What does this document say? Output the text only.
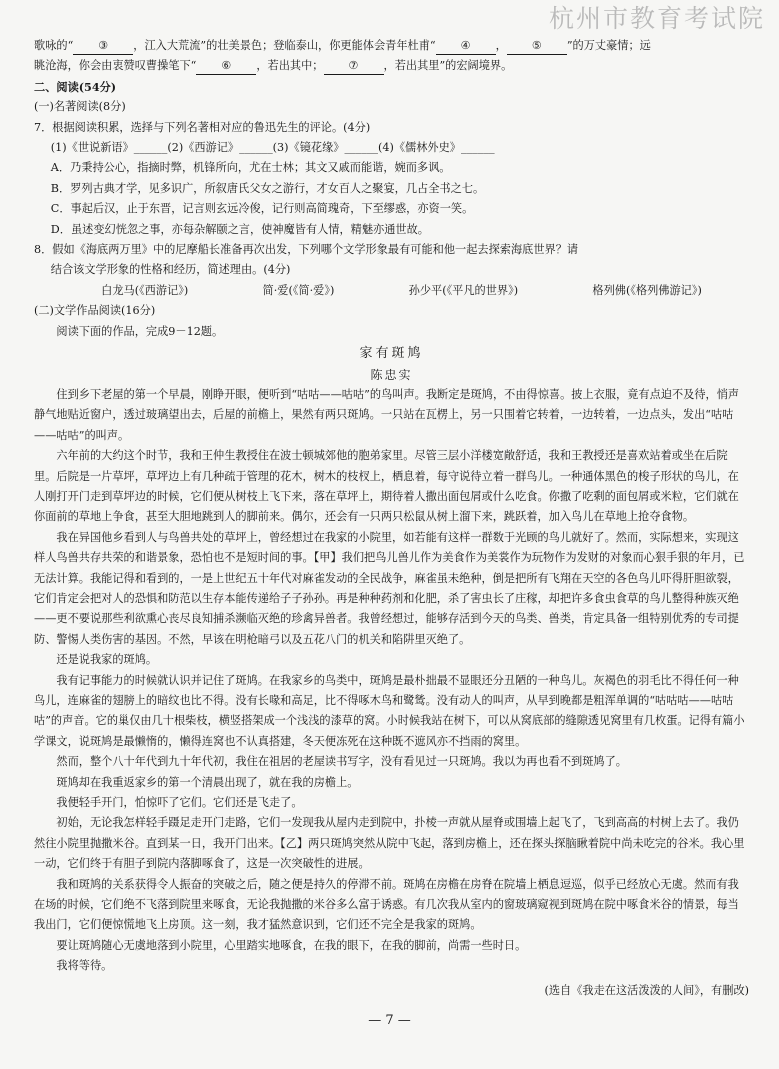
杭州市教育考试院

歌咏的“ ③ ，江入大荒流”的壮美景色；登临泰山，你更能体会青年杜甫“ ④ ， ⑤ ”的万丈豪情；远

眺沧海，你会由衷赞叹曹操笔下“ ⑥ ，若出其中； ⑦ ，若出其里”的宏阔境界。

二、阅读(54分)

(一)名著阅读(8分)

7．根据阅读积累，选择与下列名著相对应的鲁迅先生的评论。(4分)

(1)《世说新语》______(2)《西游记》______(3)《镜花缘》______(4)《儒林外史》______

A．乃秉持公心，指摘时弊，机锋所向，尤在士林；其文又戚而能谐，婉而多讽。

B．罗列古典才学，见多识广，所叙唐氏父女之游行，才女百人之聚宴，几占全书之七。

C．事起后汉，止于东晋，记言则玄远冷俊，记行则高简瑰奇，下至缪惑，亦资一笑。

D．虽述变幻恍忽之事，亦每杂解颐之言，使神魔皆有人情，精魅亦通世故。

8．假如《海底两万里》中的尼摩船长准备再次出发，下列哪个文学形象最有可能和他一起去探索海底世界？请

结合该文学形象的性格和经历，简述理由。(4分)

白龙马(《西游记》)	简·爱(《简·爱》)	孙少平(《平凡的世界》)	格列佛(《格列佛游记》)

(二)文学作品阅读(16分)

阅读下面的作品，完成9－12题。

家有斑鸠

陈忠实

住到乡下老屋的第一个早晨，刚睁开眼，便听到“咕咕——咕咕”的鸟叫声。我断定是斑鸠，不由得惊喜。披上衣服，竟有点迫不及待，悄声静气地贴近窗户，透过玻璃望出去，后屋的前檐上，果然有两只斑鸠。一只站在瓦楞上，另一只围着它转着，一边转着，一边点头，发出“咕咕——咕咕”的叫声。

六年前的大约这个时节，我和王仲生教授住在波士顿城郊他的胞弟家里。尽管三层小洋楼宽敞舒适，我和王教授还是喜欢站着或坐在后院里。后院是一片草坪，草坪边上有几种疏于管理的花木，树木的枝杈上，栖息着，每守说待立着一群鸟儿。一种通体黑色的梭子形状的鸟儿，在人刚打开门走到草坪边的时候，它们便从树枝上飞下来，落在草坪上，期待着人撒出面包屑或什么吃食。你撒了吃剩的面包屑或米粒，它们就在你面前的草地上争食，甚至大胆地跳到人的脚前来。偶尔，还会有一只两只松鼠从树上溜下来，跳跃着，加入鸟儿在草地上抢夺食物。

我在异国他乡看到人与鸟兽共处的草坪上，曾经想过在我家的小院里，如若能有这样一群数于光顾的鸟儿就好了。然而，实际想来，实现这样人鸟兽共存共荣的和谐景象，恐怕也不是短时间的事。【甲】我们把鸟儿兽儿作为美食作为美裳作为玩物作为发财的对象而心狠手狠的年月，已无法计算。我能记得和看到的，一是上世纪五十年代对麻雀发动的全民战争，麻雀虽未绝种，倒是把所有飞翔在天空的各色鸟儿吓得肝胆欲裂，它们肯定会把对人的恐惧和防范以生存本能传递给子子孙孙。再是种种药剂和化肥，杀了害虫长了庄稼，却把许多食虫食草的鸟儿整得种族灭绝——更不要说那些利欲熏心丧尽良知捕杀濒临灭绝的珍禽异兽者。我曾经想过，能够存活到今天的鸟类、兽类，肯定具备一组特别优秀的专司提防、警惕人类伤害的基因。不然，早该在明枪暗弓以及五花八门的机关和陷阱里灭绝了。

还是说我家的斑鸠。

我有记事能力的时候就认识并记住了斑鸠。在我家乡的鸟类中，斑鸠是最朴拙最不显眼还分丑陋的一种鸟儿。灰褐色的羽毛比不得任何一种鸟儿，连麻雀的翅膀上的暗纹也比不得。没有长喙和高足，比不得啄木鸟和鹭鸶。没有动人的叫声，从早到晚都是粗浑单调的“咕咕咕——咕咕咕”的声音。它的巢仅由几十根柴枝，横竖搭架成一个浅浅的漆草的窝。小时候我站在树下，可以从窝底部的缝隙透见窝里有几枚蛋。记得有篇小学课文，说斑鸠是最懒惰的，懒得连窝也不认真搭建，冬天便冻死在这种既不遮风亦不挡雨的窝里。

然而，整个八十年代到九十年代初，我住在祖居的老屋读书写字，没有看见过一只斑鸠。我以为再也看不到斑鸠了。

斑鸠却在我重返家乡的第一个清晨出现了，就在我的房檐上。

我便轻手开门，怕惊吓了它们。它们还是飞走了。

初始，无论我怎样轻手蹑足走开门走路，它们一发现我从屋内走到院中，扑棱一声就从屋脊或围墙上起飞了，飞到高高的村树上去了。我仍然往小院里抛撒米谷。直到某一日，我开门出来。【乙】两只斑鸠突然从院中飞起，落到房檐上，还在探头探脑瞅着院中尚未吃完的谷米。我心里一动，它们终于有胆子到院内落脚啄食了，这是一次突破性的进展。

我和斑鸠的关系获得令人振奋的突破之后，随之便是持久的停滞不前。斑鸠在房檐在房脊在院墙上栖息逗巡，似乎已经放心无虞。然而有我在场的时候，它们绝不飞落到院里来啄食，无论我抛撒的米谷多么富于诱惑。有几次我从室内的窗玻璃窥视到斑鸠在院中啄食米谷的情景，每当我出门，它们便惊慌地飞上房顶。这一刻，我才猛然意识到，它们还不完全是我家的斑鸠。

要让斑鸠随心无虞地落到小院里，心里踏实地啄食，在我的眼下，在我的脚前，尚需一些时日。

我将等待。

(选自《我走在这活泼泼的人间》，有删改)

— 7 —
